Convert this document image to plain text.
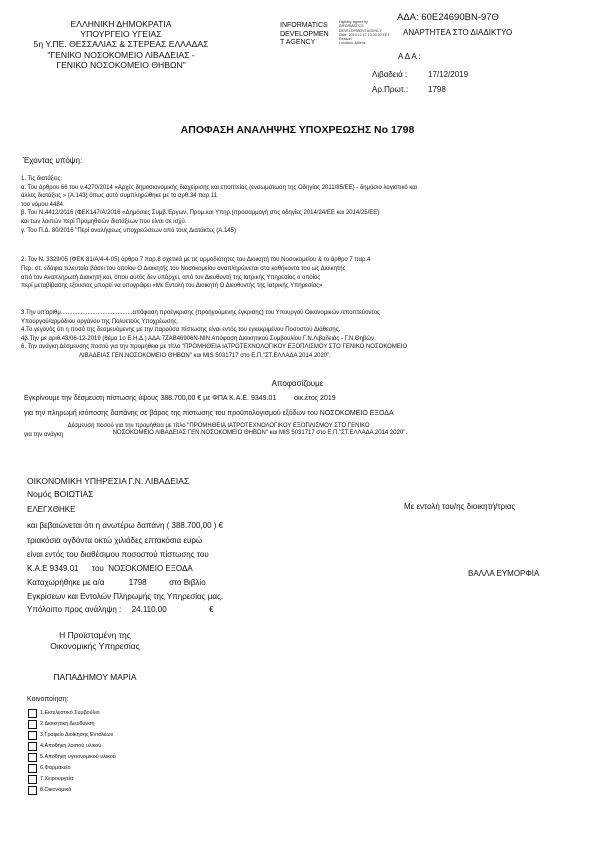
ΕΛΛΗΝΙΚΗ ΔΗΜΟΚΡΑΤΙΑ
ΥΠΟΥΡΓΕΙΟ ΥΓΕΙΑΣ
5η Υ.ΠΕ. ΘΕΣΣΑΛΙΑΣ & ΣΤΕΡΕΑΣ ΕΛΛΑΔΑΣ
"ΓΕΝΙΚΟ ΝΟΣΟΚΟΜΕΙΟ ΛΙΒΑΔΕΙΑΣ -
ΓΕΝΙΚΟ ΝΟΣΟΚΟΜΕΙΟ ΘΗΒΩΝ"
INFORMATICS
DEVELOPMEN
T AGENCY
Digitally signed by
INFORMATICS
DEVELOPMENT AGENCY
Date: 2019.12.17 13:09:30 EET
Reason:
Location: Athens
ΑΔΑ: 60Ε24690ΒΝ-97Θ
ΑΝΑΡΤΗΤΕΑ ΣΤΟ ΔΙΑΔΙΚΤΥΟ
Α Δ Α :
Λιβαδειά :	17/12/2019
Αρ.Πρωτ.: 1798
ΑΠΟΦΑΣΗ ΑΝΑΛΗΨΗΣ ΥΠΟΧΡΕΩΣΗΣ Νο 1798
Έχοντας υπόψη:
1. Τις διατάξεις:
α. Του άρθρου 66 του ν.4270/2014 «Αρχές δημοσιονομικής διαχείρισης και εποπτείας (ενσωμάτωση της Οδηγίας 2011/85/ΕΕ) - δημόσιο λογιστικό και
άλλες διατάξεις » (Α.143) όπως αυτό συμπληρώθηκε με το αρθ.34 παρ.11
του νόμου 4484.
β. Του Ν.4412/2016 (ΦΕΚ147/Α/2016 «Δημόσιες Συμβ.Έργων, Προμ.και Υπηρ.(προσαρμογή στις οδηγίες 2014/24/ΕΕ και 2014/25/ΕΕ)
και των λοιπών περί Προμηθειών διατάξεων που είναι σε ισχύ.
γ. Του Π.Δ. 80/2016 "Περί αναλήψεως υποχρεώσεων από τους Διατάκτες (Α.145)
2. Τον Ν. 3329/05 (ΦΕΚ 81/Α/4-4-05) άρθρο 7 παρ.8 σχετικά με τις αρμοδιότητες του Διοικητή του Νοσοκομείου & το άρθρο 7 παρ.4
Περ. στ. εδάφια τελευταία βάσει του οποίου Ο Διοικητής του Νοσοκομείου αναπληρώνεται στα καθήκοντα του ως Διοικητής
από τον Αναπληρωτή Διοικητή και, όπου αυτός δεν υπάρχει, από τον Διευθυντή της Ιατρικής Υπηρεσίας ο οποίος
περί μεταβίβασης εξουσιας μπορεί να υπογράφει «Με Εντολή του Διοικητή Ο Διευθυντής της Ιατρικής Υπηρεσίας»
3.Την υπ'αριθμ...........................................απόφαση προέγκρισης (προηγούμενης έγκρισης) του Υπουργού Οικονομικών /επoπτεύοντος
Υπουργού/αρμόδιου οργάνου της Πολυετούς Υποχρέωσης.
4.Το γεγονός ότι η ποσό της δεσμευόμενης με την παρούσα πίστωσης είναι εντός του εγκεκριμένου Ποσοστού Διάθεσης.
4β.Την με αριθ.43/06-12-2019 (θέμα 1ο Ε.Η.Δ.) ΑΔΑ:7ΖΑΒ46906Ν-ΝΙΝ Απόφαση Διοικητικού Συμβουλίου Γ.Ν.Λιβαδειάς - Γ.Ν.Θηβών.
6. Την ανάγκη Δέσμευσης ποσού για την προμήθεια με τίτλο "ΠΡΟΜΗΘΕΙΑ ΙΑΤΡΟΤΕΧΝΟΛΟΓΙΚΟΥ ΕΞΟΠΛΙΣΜΟΥ ΣΤΟ ΓΕΝΙΚΟ ΝΟΣΟΚΟΜΕΙΟ
ΛΙΒΑΔΕΙΑΣ ΓΕΝ.ΝΟΣΟΚΟΜΕΙΟ ΘΗΒΩΝ" και MIS 5031717 στο Ε.Π."ΣΤ.ΕΛΛΑΔΑ 2014 2020".
Αποφασίζουμε
Εγκρίνουμε την δέσμευση πίστωσης ύψους 388.700,00 € με ΦΠΑ Κ.Α.Ε. 9349.01	οικ.έτος 2019
για την πληρωμή ισόποσης δαπάνης σε βάρος της πίστωσης του προϋπολογισμού εξόδων του ΝΟΣΟΚΟΜΕΙΟ ΕΞΟΔΑ
για την ανάγκη
Δέσμευση ποσού για την προμήθεια με τίτλο "ΠΡΟΜΗΘΕΙΑ ΙΑΤΡΟΤΕΧΝΟΛΟΓΙΚΟΥ ΕΞΟΠΛΙΣΜΟΥ ΣΤΟ ΓΕΝΙΚΟ
ΝΟΣΟΚΟΜΕΙΟ ΛΙΒΑΔΕΙΑΣ ΓΕΝ.ΝΟΣΟΚΟΜΕΙΟ ΘΗΒΩΝ" και MIS 5031717 στο Ε.Π."ΣΤ.ΕΛΛΑΔΑ 2014 2020".
ΟΙΚΟΝΟΜΙΚΗ ΥΠΗΡΕΣΙΑ Γ.Ν. ΛΙΒΑΔΕΙΑΣ
Νομός ΒΟΙΩΤΙΑΣ
ΕΛΕΓΧΘΗΚΕ
και βεβαιώνεται ότι η ανωτέρω δαπάνη ( 388.700,00 ) €
τριακόσια ογδόντα οκτώ χιλιάδες επτακόσια ευρώ
είναι εντός του διαθέσιμου ποσοστού πίστωσης του
Κ.Α.Ε 9349.01      του  ΝΟΣΟΚΟΜΕΙΟ ΕΞΟΔΑ
Καταχωρήθηκε με α/α	1798	στο Βιβλίο
Εγκρίσεων και Εντολών Πληρωμής της Υπηρεσίας μας.
Υπόλοιπο προς ανάληψη : 24.110,00	€
Η Προϊσταμένη της
Οικονομικής Υπηρεσίας
ΠΑΠΑΔΗΜΟΥ ΜΑΡΙΑ
Με εντολή του/ης διοικητή/τριας
ΒΑΛΛΑ ΕΥΜΟΡΦΙΑ
Κοινοποίηση:
1.Εκτελεστικό Συμβούλιο
2.Διοικητική Διευθύνση
3.Γραφείο Διοίκησης Εντολέων
4.Αποθήκη λοιπού υλικού
5.Αποθήκη υγειονομικού υλικού
6.Φαρμακείο
7.Χειρουργεία
8.Οικονομικό
